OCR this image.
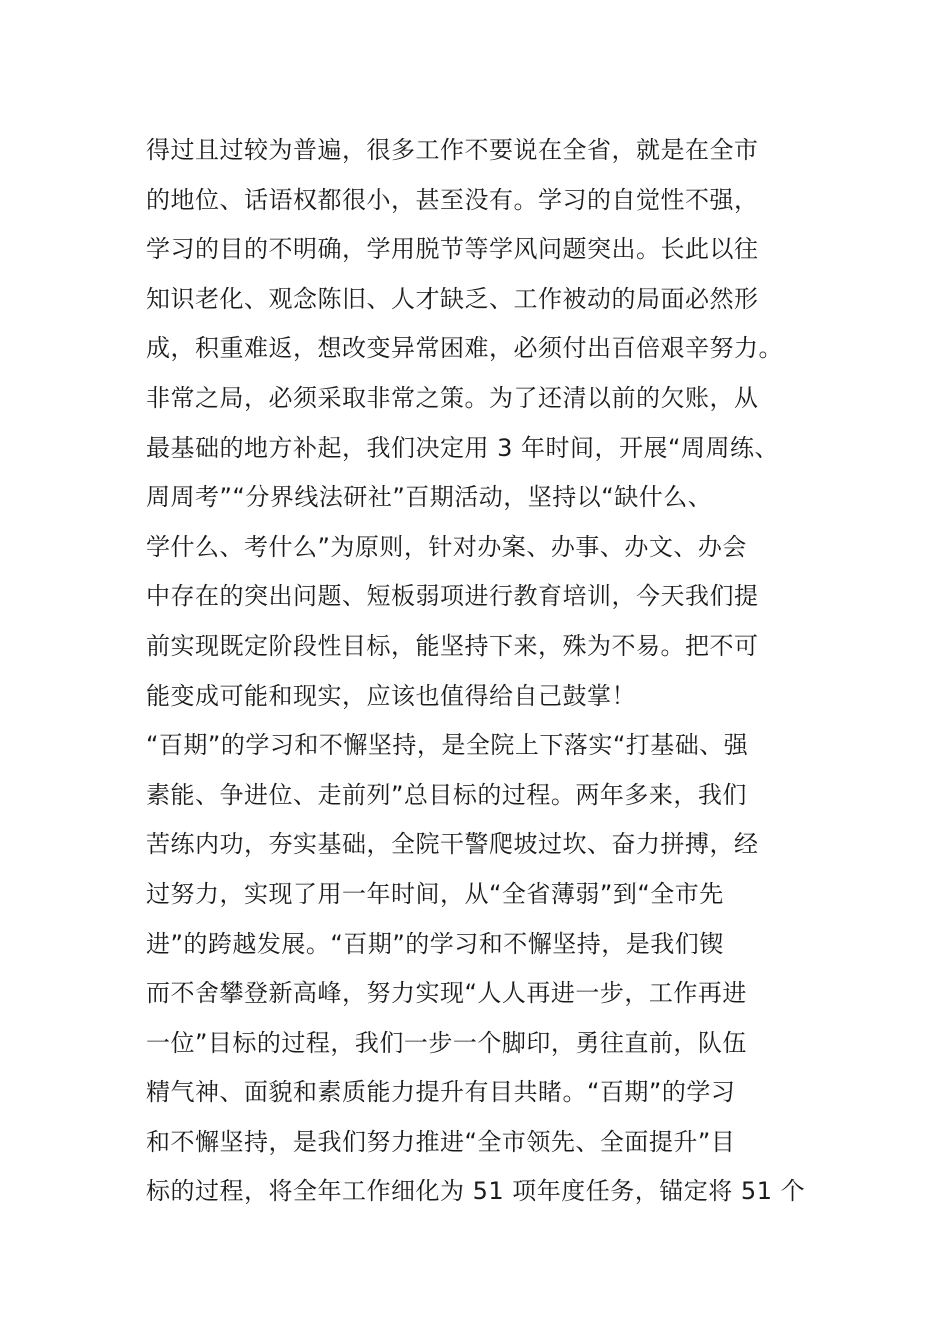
得过且过较为普遍，很多工作不要说在全省，就是在全市
的地位、话语权都很小，甚至没有。学习的自觉性不强，
学习的目的不明确，学用脱节等学风问题突出。长此以往
知识老化、观念陈旧、人才缺乏、工作被动的局面必然形
成，积重难返，想改变异常困难，必须付出百倍艰辛努力。
非常之局，必须采取非常之策。为了还清以前的欠账，从
最基础的地方补起，我们决定用 3 年时间，开展“周周练、
周周考”“分界线法研社”百期活动，坚持以“缺什么、
学什么、考什么”为原则，针对办案、办事、办文、办会
中存在的突出问题、短板弱项进行教育培训，今天我们提
前实现既定阶段性目标，能坚持下来，殊为不易。把不可
能变成可能和现实，应该也值得给自己鼓掌！
“百期”的学习和不懈坚持，是全院上下落实“打基础、强
素能、争进位、走前列”总目标的过程。两年多来，我们
苦练内功，夯实基础，全院干警爬坡过坎、奋力拼搏，经
过努力，实现了用一年时间，从“全省薄弱”到“全市先
进”的跨越发展。“百期”的学习和不懈坚持，是我们锲
而不舍攀登新高峰，努力实现“人人再进一步，工作再进
一位”目标的过程，我们一步一个脚印，勇往直前，队伍
精气神、面貌和素质能力提升有目共睹。“百期”的学习
和不懈坚持，是我们努力推进“全市领先、全面提升”目
标的过程，将全年工作细化为 51 项年度任务，锚定将 51 个
